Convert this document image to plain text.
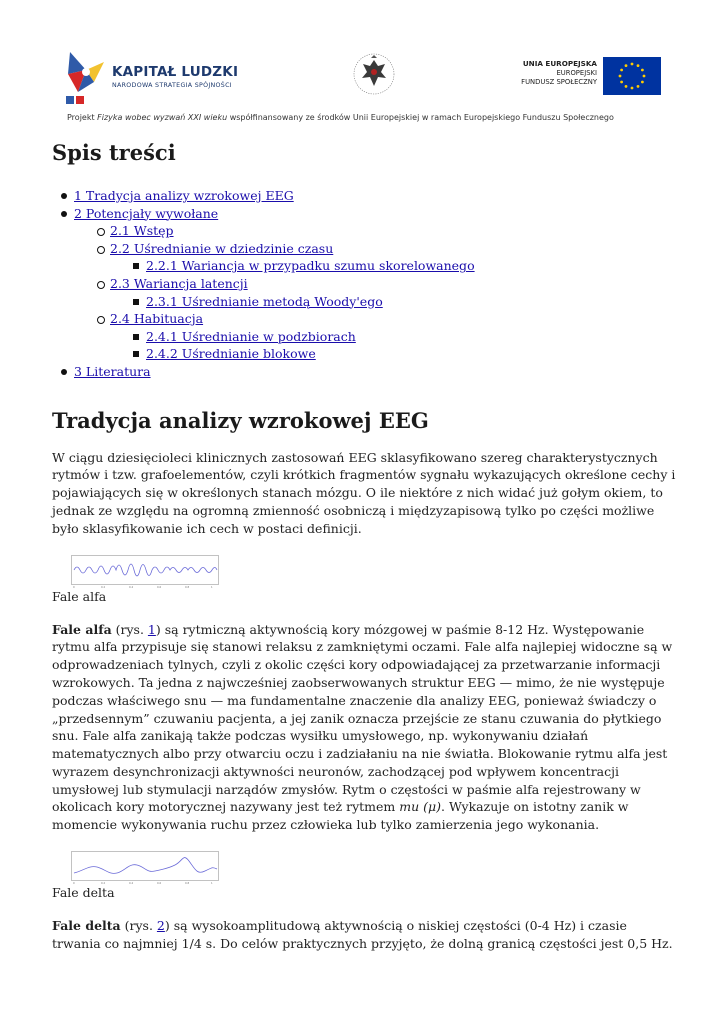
KAPITAŁ LUDZKI
NARODOWA STRATEGIA SPÓJNOŚCI
UNIA EUROPEJSKA
EUROPEJSKI
FUNDUSZ SPOŁECZNY
Projekt Fizyka wobec wyzwań XXI wieku współfinansowany ze środków Unii Europejskiej w ramach Europejskiego Funduszu Społecznego
Spis treści
1 Tradycja analizy wzrokowej EEG
2 Potencjały wywołane
2.1 Wstęp
2.2 Uśrednianie w dziedzinie czasu
2.2.1 Wariancja w przypadku szumu skorelowanego
2.3 Wariancja latencji
2.3.1 Uśrednianie metodą Woody'ego
2.4 Habituacja
2.4.1 Uśrednianie w podzbiorach
2.4.2 Uśrednianie blokowe
3 Literatura
Tradycja analizy wzrokowej EEG

W ciągu dziesięcioleci klinicznych zastosowań EEG sklasyfikowano szereg charakterystycznych rytmów i tzw. grafoelementów, czyli krótkich fragmentów sygnału wykazujących określone cechy i pojawiających się w określonych stanach mózgu. O ile niektóre z nich widać już gołym okiem, to jednak ze względu na ogromną zmienność osobniczą i międzyzapisową tylko po części możliwe było sklasyfikowanie ich cech w postaci definicji.

0	0.2	0.4	0.6	0.8	1
Fale alfa

Fale alfa (rys. 1) są rytmiczną aktywnością kory mózgowej w paśmie 8-12 Hz. Występowanie rytmu alfa przypisuje się stanowi relaksu z zamkniętymi oczami. Fale alfa najlepiej widoczne są w odprowadzeniach tylnych, czyli z okolic części kory odpowiadającej za przetwarzanie informacji wzrokowych. Ta jedna z najwcześniej zaobserwowanych struktur EEG — mimo, że nie występuje podczas właściwego snu — ma fundamentalne znaczenie dla analizy EEG, ponieważ świadczy o „przedsennym” czuwaniu pacjenta, a jej zanik oznacza przejście ze stanu czuwania do płytkiego snu. Fale alfa zanikają także podczas wysiłku umysłowego, np. wykonywaniu działań matematycznych albo przy otwarciu oczu i zadziałaniu na nie światła. Blokowanie rytmu alfa jest wyrazem desynchronizacji aktywności neuronów, zachodzącej pod wpływem koncentracji umysłowej lub stymulacji narządów zmysłów. Rytm o częstości w paśmie alfa rejestrowany w okolicach kory motorycznej nazywany jest też rytmem mu (μ). Wykazuje on istotny zanik w momencie wykonywania ruchu przez człowieka lub tylko zamierzenia jego wykonania.

0	0.2	0.4	0.6	0.8	1
Fale delta

Fale delta (rys. 2) są wysokoamplitudową aktywnością o niskiej częstości (0-4 Hz) i czasie trwania co najmniej 1/4 s. Do celów praktycznych przyjęto, że dolną granicą częstości jest 0,5 Hz.
